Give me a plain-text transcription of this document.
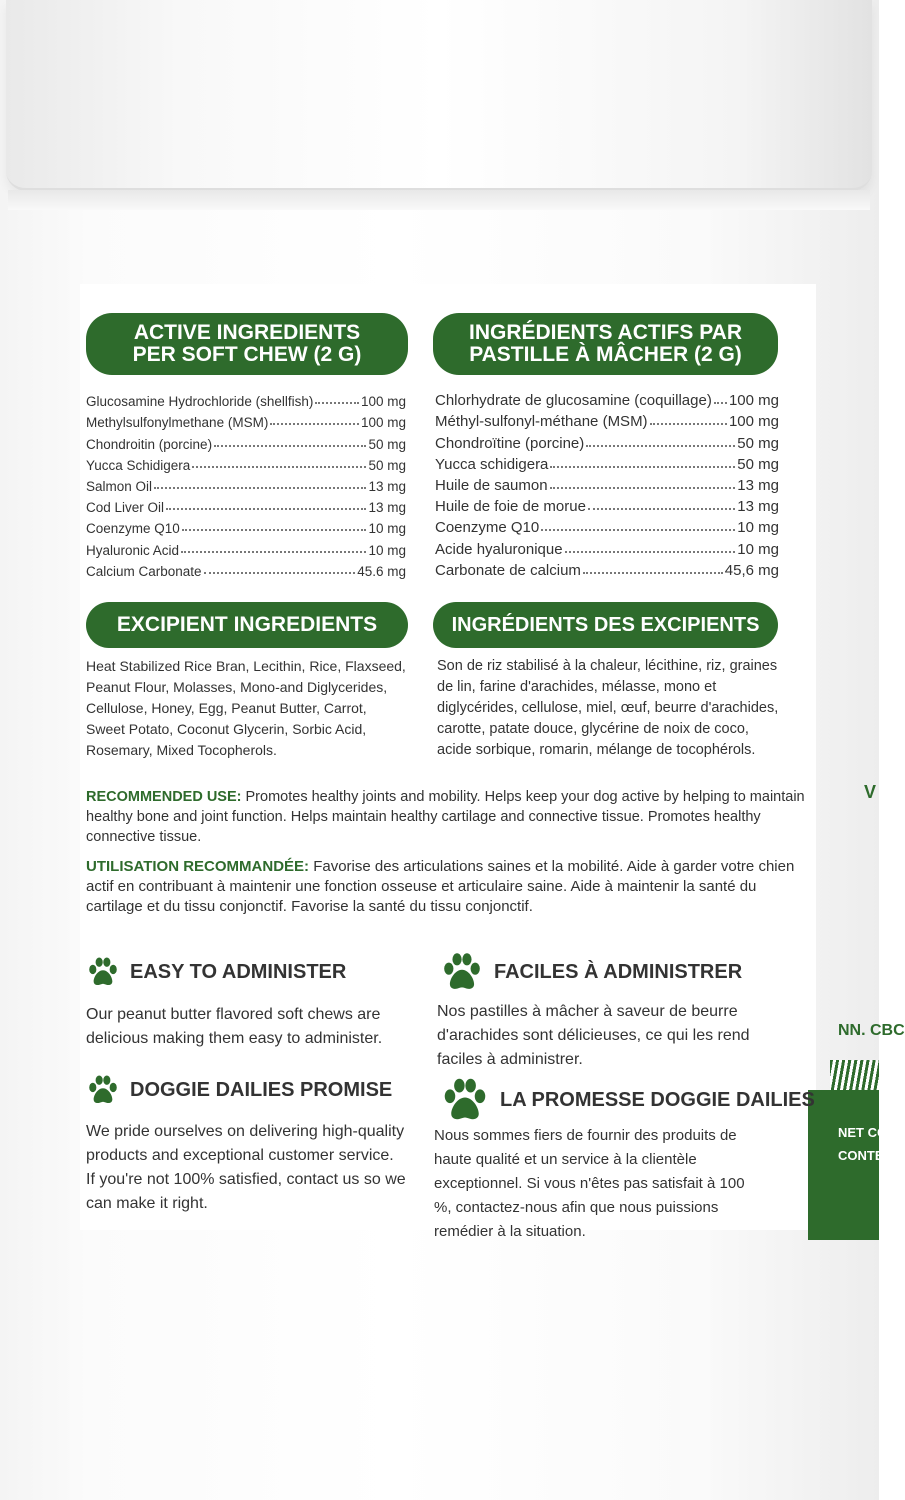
V
NN. CBC
NET CONT
CONTENU
ACTIVE INGREDIENTS
PER SOFT CHEW (2 G)
Glucosamine Hydrochloride (shellfish)	100 mg
Methylsulfonylmethane (MSM)	100 mg
Chondroitin (porcine)	50 mg
Yucca Schidigera	50 mg
Salmon Oil	13 mg
Cod Liver Oil	13 mg
Coenzyme Q10	10 mg
Hyaluronic Acid	10 mg
Calcium Carbonate	45.6 mg
INGRÉDIENTS ACTIFS PAR
PASTILLE À MÂCHER (2 G)
Chlorhydrate de glucosamine (coquillage) 100 mg
Méthyl-sulfonyl-méthane (MSM)	100 mg
Chondroïtine (porcine)	50 mg
Yucca schidigera	50 mg
Huile de saumon	13 mg
Huile de foie de morue	13 mg
Coenzyme Q10	10 mg
Acide hyaluronique	10 mg
Carbonate de calcium	45,6 mg
EXCIPIENT INGREDIENTS
Heat Stabilized Rice Bran, Lecithin, Rice, Flaxseed, Peanut Flour, Molasses, Mono-and Diglycerides, Cellulose, Honey, Egg, Peanut Butter, Carrot, Sweet Potato, Coconut Glycerin, Sorbic Acid, Rosemary, Mixed Tocopherols.
INGRÉDIENTS DES EXCIPIENTS
Son de riz stabilisé à la chaleur, lécithine, riz, graines de lin, farine d'arachides, mélasse, mono et diglycérides, cellulose, miel, œuf, beurre d'arachides, carotte, patate douce, glycérine de noix de coco, acide sorbique, romarin, mélange de tocophérols.
RECOMMENDED USE: Promotes healthy joints and mobility. Helps keep your dog active by helping to maintain healthy bone and joint function. Helps maintain healthy cartilage and connective tissue. Promotes healthy connective tissue.
UTILISATION RECOMMANDÉE: Favorise des articulations saines et la mobilité. Aide à garder votre chien actif en contribuant à maintenir une fonction osseuse et articulaire saine. Aide à maintenir la santé du cartilage et du tissu conjonctif. Favorise la santé du tissu conjonctif.
EASY TO ADMINISTER
Our peanut butter flavored soft chews are delicious making them easy to administer.
FACILES À ADMINISTRER
Nos pastilles à mâcher à saveur de beurre d'arachides sont délicieuses, ce qui les rend faciles à administrer.
DOGGIE DAILIES PROMISE
We pride ourselves on delivering high-quality products and exceptional customer service. If you're not 100% satisfied, contact us so we can make it right.
LA PROMESSE DOGGIE DAILIES
Nous sommes fiers de fournir des produits de haute qualité et un service à la clientèle exceptionnel. Si vous n'êtes pas satisfait à 100 %, contactez-nous afin que nous puissions remédier à la situation.
